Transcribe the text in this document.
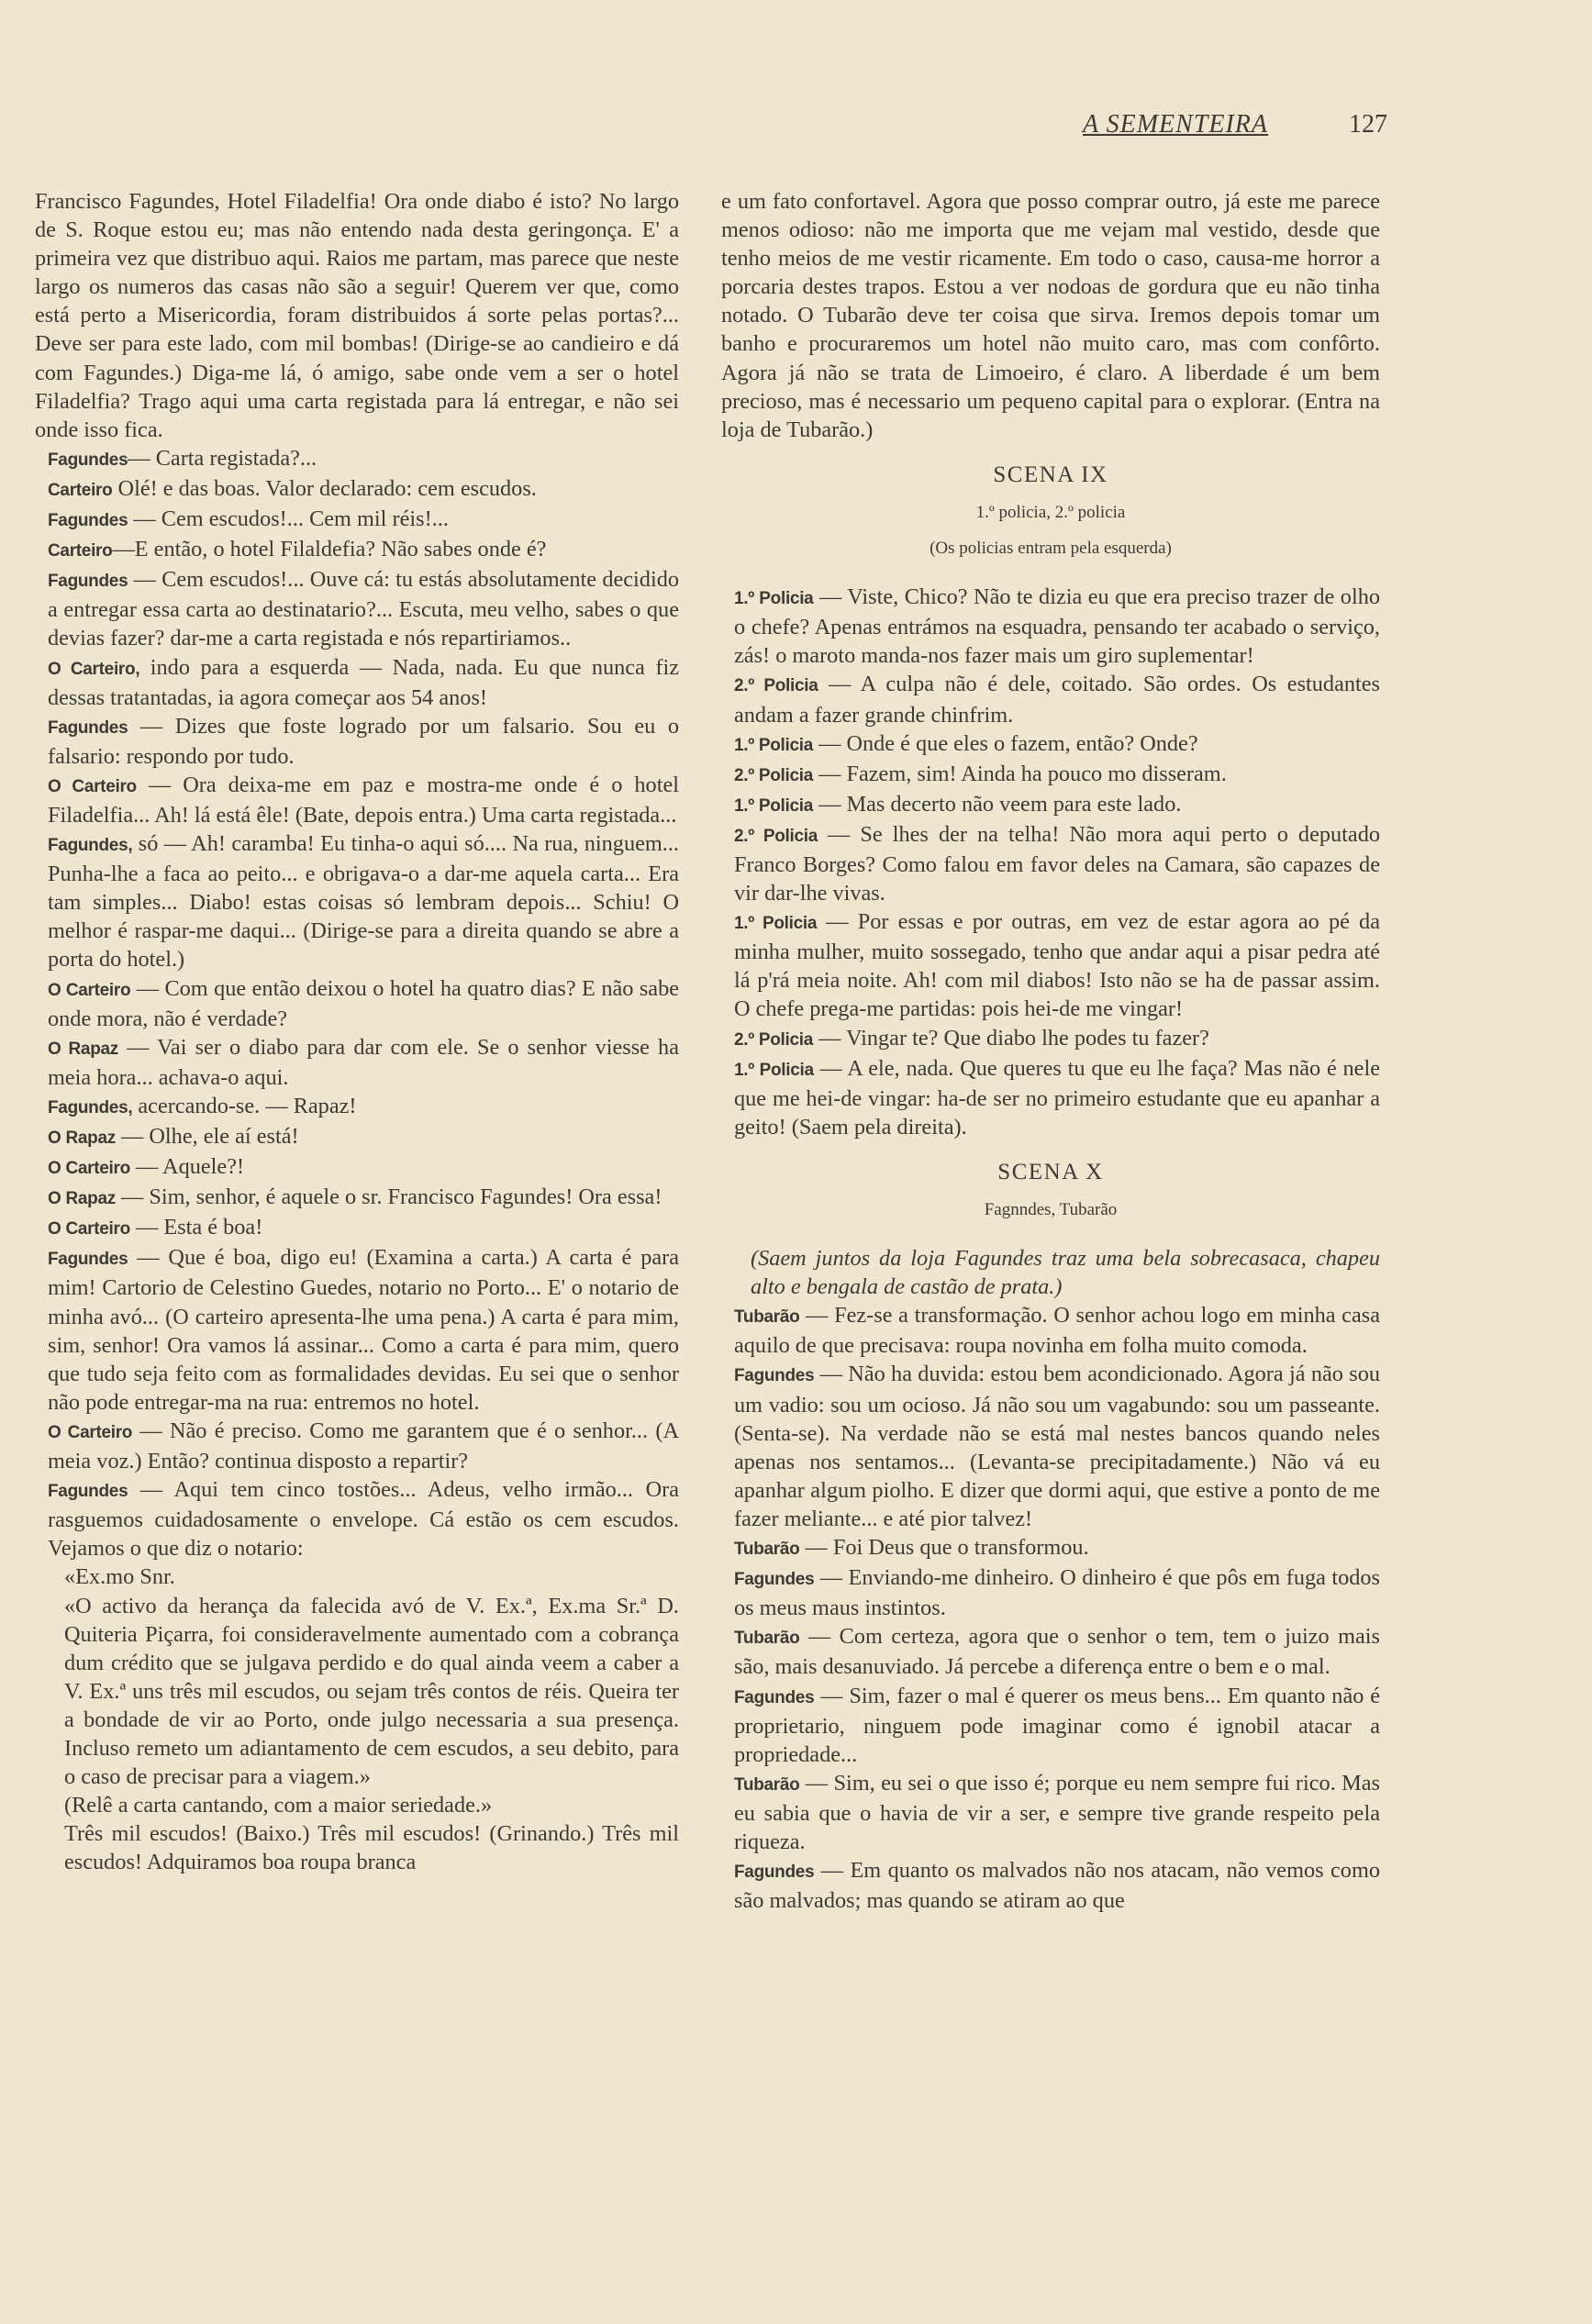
A SEMENTEIRA	127

Francisco Fagundes, Hotel Filadelfia! Ora onde diabo é isto? No largo de S. Roque estou eu; mas não entendo nada desta geringonça. E' a primeira vez que distribuo aqui. Raios me partam, mas parece que neste largo os numeros das casas não são a seguir! Querem ver que, como está perto a Misericordia, foram distribuidos á sorte pelas portas?... Deve ser para este lado, com mil bombas! (Dirige-se ao candieiro e dá com Fagundes.) Diga-me lá, ó amigo, sabe onde vem a ser o hotel Filadelfia? Trago aqui uma carta registada para lá entregar, e não sei onde isso fica.

Fagundes— Carta registada?...

Carteiro Olé! e das boas. Valor declarado: cem escudos.

Fagundes — Cem escudos!... Cem mil réis!...

Carteiro—E então, o hotel Filaldefia? Não sabes onde é?

Fagundes — Cem escudos!... Ouve cá: tu estás absolutamente decidido a entregar essa carta ao destinatario?... Escuta, meu velho, sabes o que devias fazer? dar-me a carta registada e nós repartiriamos..

O Carteiro, indo para a esquerda — Nada, nada. Eu que nunca fiz dessas tratantadas, ia agora começar aos 54 anos!

Fagundes — Dizes que foste logrado por um falsario. Sou eu o falsario: respondo por tudo.

O Carteiro — Ora deixa-me em paz e mostra-me onde é o hotel Filadelfia... Ah! lá está êle! (Bate, depois entra.) Uma carta registada...

Fagundes, só — Ah! caramba! Eu tinha-o aqui só.... Na rua, ninguem... Punha-lhe a faca ao peito... e obrigava-o a dar-me aquela carta... Era tam simples... Diabo! estas coisas só lembram depois... Schiu! O melhor é raspar-me daqui... (Dirige-se para a direita quando se abre a porta do hotel.)

O Carteiro — Com que então deixou o hotel ha quatro dias? E não sabe onde mora, não é verdade?

O Rapaz — Vai ser o diabo para dar com ele. Se o senhor viesse ha meia hora... achava-o aqui.

Fagundes, acercando-se. — Rapaz!

O Rapaz — Olhe, ele aí está!

O Carteiro — Aquele?!

O Rapaz — Sim, senhor, é aquele o sr. Francisco Fagundes! Ora essa!

O Carteiro — Esta é boa!

Fagundes — Que é boa, digo eu! (Examina a carta.) A carta é para mim! Cartorio de Celestino Guedes, notario no Porto... E' o notario de minha avó... (O carteiro apresenta-lhe uma pena.) A carta é para mim, sim, senhor! Ora vamos lá assinar... Como a carta é para mim, quero que tudo seja feito com as formalidades devidas. Eu sei que o senhor não pode entregar-ma na rua: entremos no hotel.

O Carteiro — Não é preciso. Como me garantem que é o senhor... (A meia voz.) Então? continua disposto a repartir?

Fagundes — Aqui tem cinco tostões... Adeus, velho irmão... Ora rasguemos cuidadosamente o envelope. Cá estão os cem escudos. Vejamos o que diz o notario:

«Ex.mo Snr.

«O activo da herança da falecida avó de V. Ex.ª, Ex.ma Sr.ª D. Quiteria Piçarra, foi consideravelmente aumentado com a cobrança dum crédito que se julgava perdido e do qual ainda veem a caber a V. Ex.ª uns três mil escudos, ou sejam três contos de réis. Queira ter a bondade de vir ao Porto, onde julgo necessaria a sua presença. Incluso remeto um adiantamento de cem escudos, a seu debito, para o caso de precisar para a viagem.»

(Relê a carta cantando, com a maior seriedade.»

Três mil escudos! (Baixo.) Três mil escudos! (Grinando.) Três mil escudos! Adquiramos boa roupa branca

e um fato confortavel. Agora que posso comprar outro, já este me parece menos odioso: não me importa que me vejam mal vestido, desde que tenho meios de me vestir ricamente. Em todo o caso, causa-me horror a porcaria destes trapos. Estou a ver nodoas de gordura que eu não tinha notado. O Tubarão deve ter coisa que sirva. Iremos depois tomar um banho e procuraremos um hotel não muito caro, mas com confôrto. Agora já não se trata de Limoeiro, é claro. A liberdade é um bem precioso, mas é necessario um pequeno capital para o explorar. (Entra na loja de Tubarão.)

SCENA IX
1.º policia, 2.º policia
(Os policias entram pela esquerda)

1.º Policia — Viste, Chico? Não te dizia eu que era preciso trazer de olho o chefe? Apenas entrámos na esquadra, pensando ter acabado o serviço, zás! o maroto manda-nos fazer mais um giro suplementar!

2.º Policia — A culpa não é dele, coitado. São ordes. Os estudantes andam a fazer grande chinfrim.

1.º Policia — Onde é que eles o fazem, então? Onde?

2.º Policia — Fazem, sim! Ainda ha pouco mo disseram.

1.º Policia — Mas decerto não veem para este lado.

2.º Policia — Se lhes der na telha! Não mora aqui perto o deputado Franco Borges? Como falou em favor deles na Camara, são capazes de vir dar-lhe vivas.

1.º Policia — Por essas e por outras, em vez de estar agora ao pé da minha mulher, muito sossegado, tenho que andar aqui a pisar pedra até lá p'rá meia noite. Ah! com mil diabos! Isto não se ha de passar assim. O chefe prega-me partidas: pois hei-de me vingar!

2.º Policia — Vingar te? Que diabo lhe podes tu fazer?

1.º Policia — A ele, nada. Que queres tu que eu lhe faça? Mas não é nele que me hei-de vingar: ha-de ser no primeiro estudante que eu apanhar a geito! (Saem pela direita).

SCENA X
Fagnndes, Tubarão

(Saem juntos da loja Fagundes traz uma bela sobrecasaca, chapeu alto e bengala de castão de prata.)

Tubarão — Fez-se a transformação. O senhor achou logo em minha casa aquilo de que precisava: roupa novinha em folha muito comoda.

Fagundes — Não ha duvida: estou bem acondicionado. Agora já não sou um vadio: sou um ocioso. Já não sou um vagabundo: sou um passeante. (Senta-se). Na verdade não se está mal nestes bancos quando neles apenas nos sentamos... (Levanta-se precipitadamente.) Não vá eu apanhar algum piolho. E dizer que dormi aqui, que estive a ponto de me fazer meliante... e até pior talvez!

Tubarão — Foi Deus que o transformou.

Fagundes — Enviando-me dinheiro. O dinheiro é que pôs em fuga todos os meus maus instintos.

Tubarão — Com certeza, agora que o senhor o tem, tem o juizo mais são, mais desanuviado. Já percebe a diferença entre o bem e o mal.

Fagundes — Sim, fazer o mal é querer os meus bens... Em quanto não é proprietario, ninguem pode imaginar como é ignobil atacar a propriedade...

Tubarão — Sim, eu sei o que isso é; porque eu nem sempre fui rico. Mas eu sabia que o havia de vir a ser, e sempre tive grande respeito pela riqueza.

Fagundes — Em quanto os malvados não nos atacam, não vemos como são malvados; mas quando se atiram ao que
